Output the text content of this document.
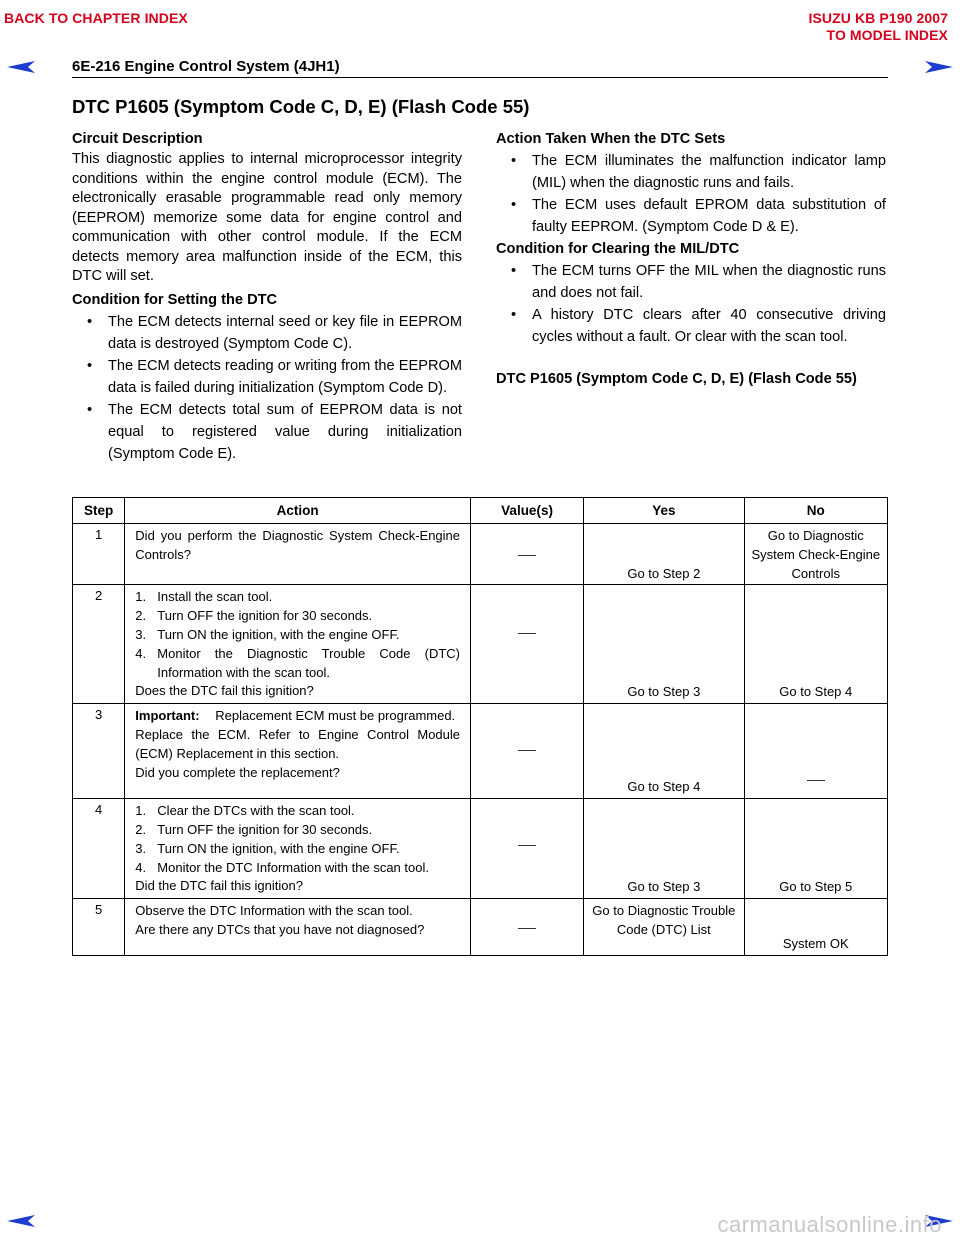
BACK TO CHAPTER INDEX	ISUZU KB P190 2007
TO MODEL INDEX
6E-216 Engine Control System (4JH1)
DTC P1605 (Symptom Code C, D, E) (Flash Code 55)

Circuit Description

This diagnostic applies to internal microprocessor integrity conditions within the engine control module (ECM). The electronically erasable programmable read only memory (EEPROM) memorize some data for engine control and communication with other control module. If the ECM detects memory area malfunction inside of the ECM, this DTC will set.

Condition for Setting the DTC

• The ECM detects internal seed or key file in EEPROM data is destroyed (Symptom Code C).
• The ECM detects reading or writing from the EEPROM data is failed during initialization (Symptom Code D).
• The ECM detects total sum of EEPROM data is not equal to registered value during initialization (Symptom Code E).

Action Taken When the DTC Sets

• The ECM illuminates the malfunction indicator lamp (MIL) when the diagnostic runs and fails.
• The ECM uses default EPROM data substitution of faulty EEPROM. (Symptom Code D & E).

Condition for Clearing the MIL/DTC

• The ECM turns OFF the MIL when the diagnostic runs and does not fail.
• A history DTC clears after 40 consecutive driving cycles without a fault. Or clear with the scan tool.

DTC P1605 (Symptom Code C, D, E) (Flash Code 55)

Step	Action	Value(s)	Yes	No
1	Did you perform the Diagnostic System Check-Engine Controls?		Go to Step 2	Go to Diagnostic System Check-Engine Controls
2	1. Install the scan tool.
2. Turn OFF the ignition for 30 seconds.
3. Turn ON the ignition, with the engine OFF.
4. Monitor the Diagnostic Trouble Code (DTC) Information with the scan tool.
Does the DTC fail this ignition?		Go to Step 3	Go to Step 4
3	Important: Replacement ECM must be programmed.
Replace the ECM. Refer to Engine Control Module (ECM) Replacement in this section.
Did you complete the replacement?		Go to Step 4	
4	1. Clear the DTCs with the scan tool.
2. Turn OFF the ignition for 30 seconds.
3. Turn ON the ignition, with the engine OFF.
4. Monitor the DTC Information with the scan tool.
Did the DTC fail this ignition?		Go to Step 3	Go to Step 5
5	Observe the DTC Information with the scan tool.
Are there any DTCs that you have not diagnosed?		Go to Diagnostic Trouble Code (DTC) List	System OK
carmanualsonline.info
